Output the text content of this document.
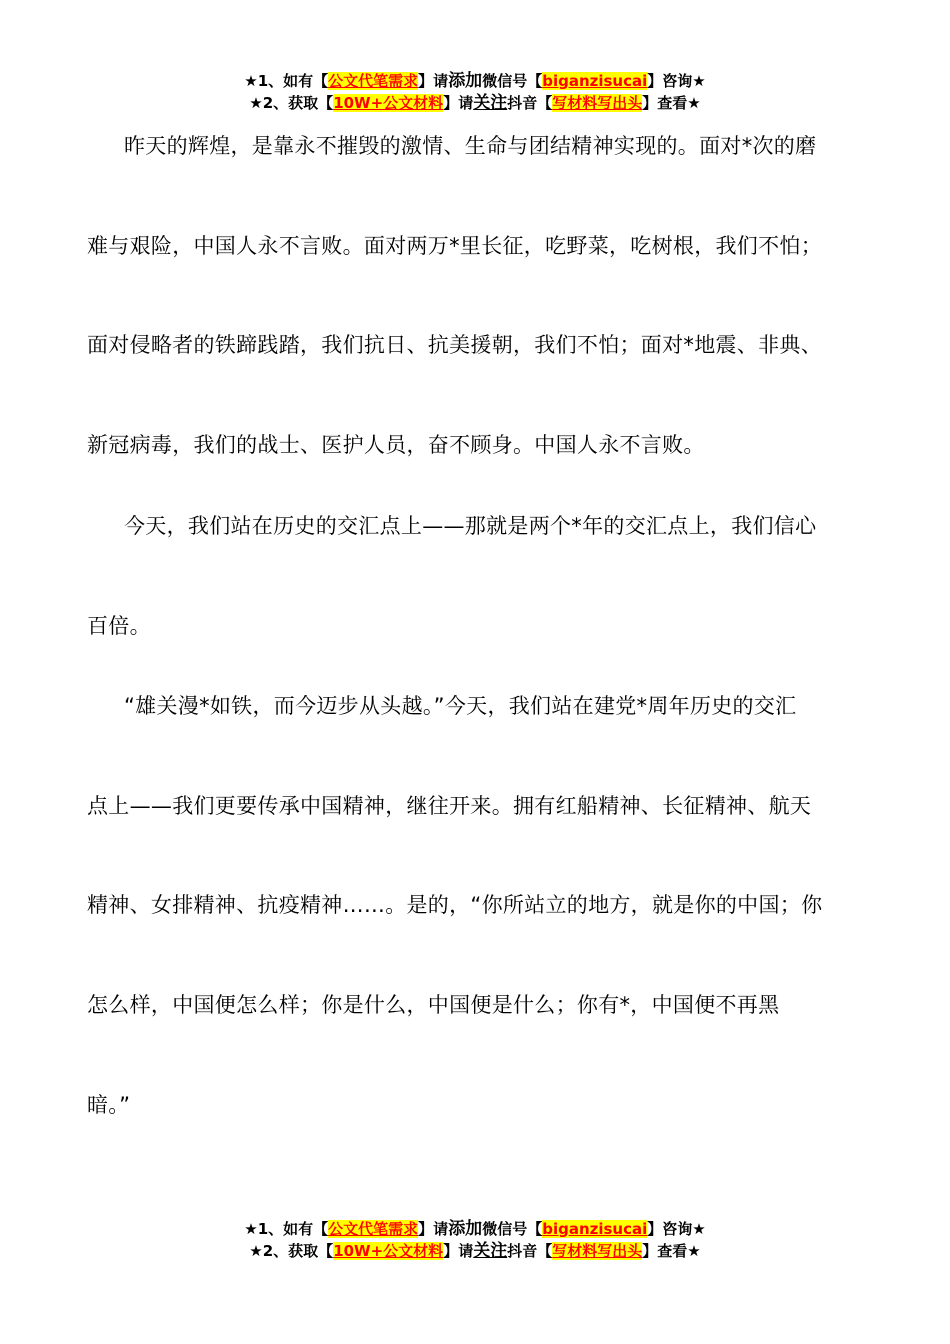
★1、如有【公文代笔需求】请添加微信号【biganzisucai】咨询★
★2、获取【10W+公文材料】请关注抖音【写材料写出头】查看★

昨天的辉煌，是靠永不摧毁的激情、生命与团结精神实现的。面对*次的磨

难与艰险，中国人永不言败。面对两万*里长征，吃野菜，吃树根，我们不怕；

面对侵略者的铁蹄践踏，我们抗日、抗美援朝，我们不怕；面对*地震、非典、

新冠病毒，我们的战士、医护人员，奋不顾身。中国人永不言败。

今天，我们站在历史的交汇点上——那就是两个*年的交汇点上，我们信心

百倍。

“雄关漫*如铁，而今迈步从头越。”今天，我们站在建党*周年历史的交汇

点上——我们更要传承中国精神，继往开来。拥有红船精神、长征精神、航天

精神、女排精神、抗疫精神……。是的，“你所站立的地方，就是你的中国；你

怎么样，中国便怎么样；你是什么，中国便是什么；你有*，中国便不再黑

暗。”

★1、如有【公文代笔需求】请添加微信号【biganzisucai】咨询★
★2、获取【10W+公文材料】请关注抖音【写材料写出头】查看★
